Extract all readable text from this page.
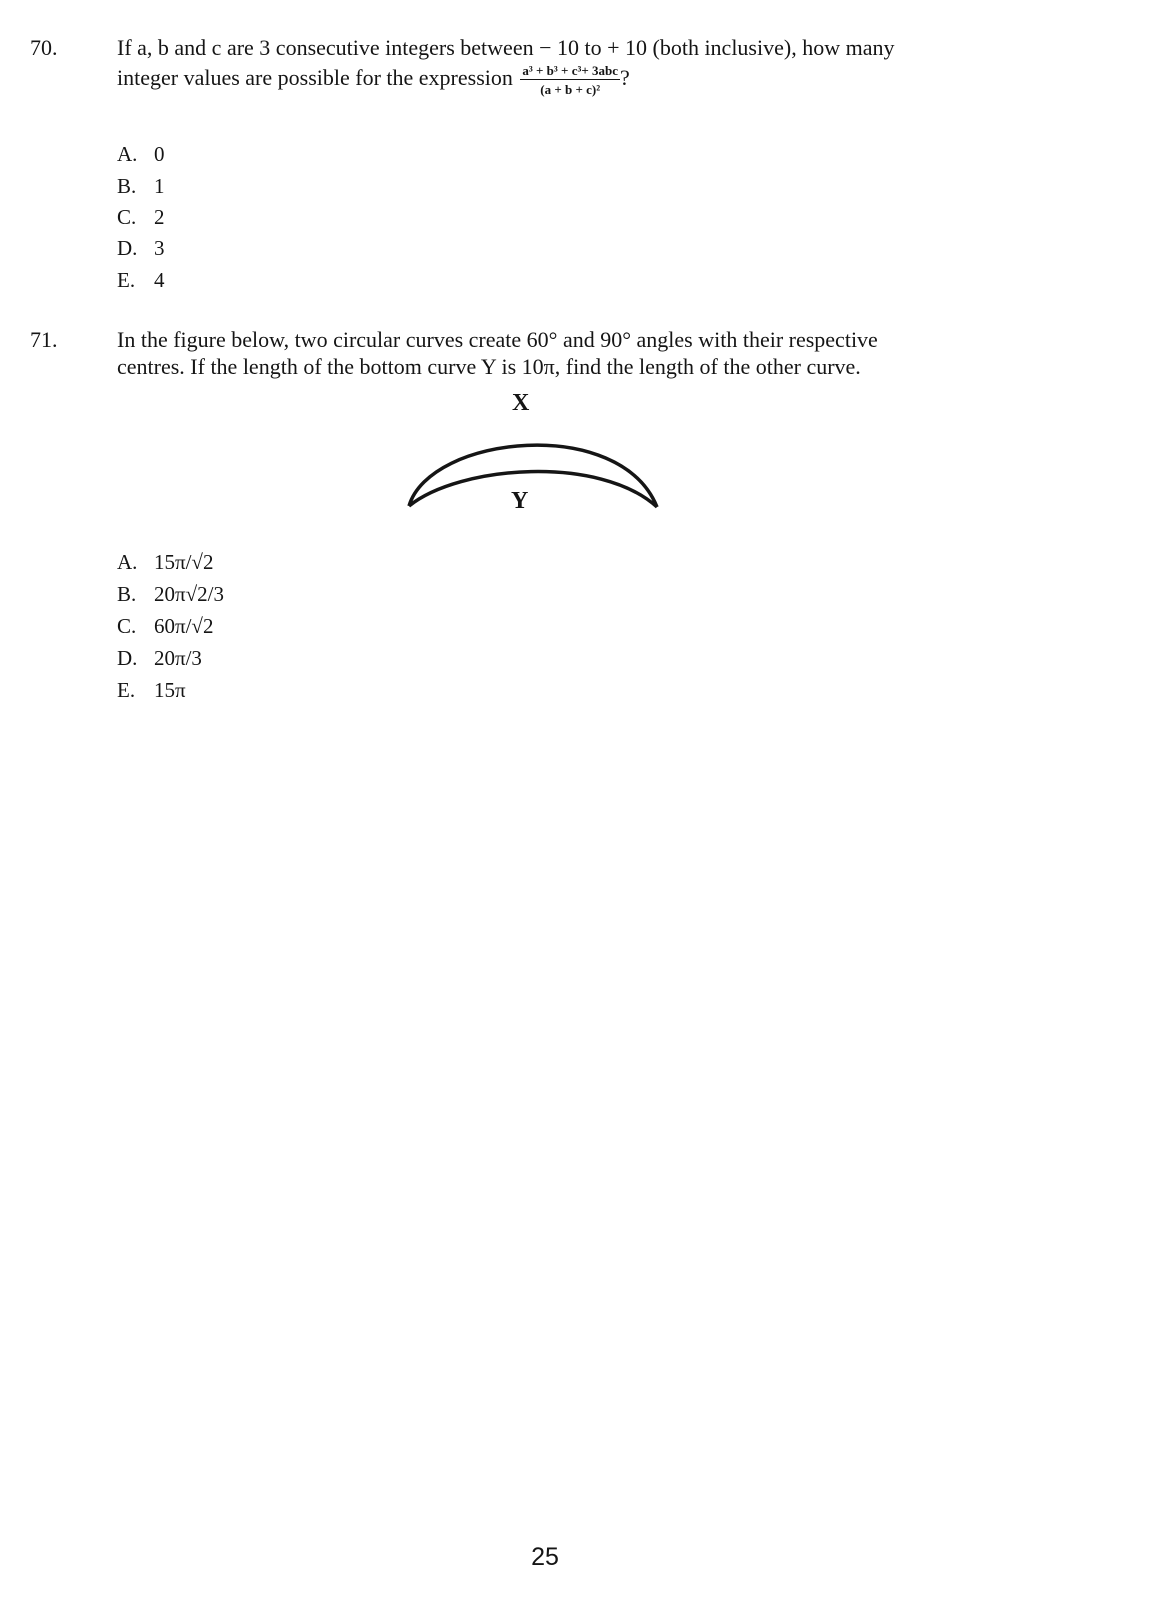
70.	If a, b and c are 3 consecutive integers between − 10 to + 10 (both inclusive), how many
integer values are possible for the expression $\frac{\text{a³ + b³ + c³+ 3abc}}{\text{(a + b + c)²}}$ ?
A. 0
B. 1
C. 2
D. 3
E. 4
71.	In the figure below, two circular curves create 60° and 90° angles with their respective
centres. If the length of the bottom curve Y is 10π, find the length of the other curve.
X
Y
A. 15π/√2
B. 20π√2/3
C. 60π/√2
D. 20π/3
E. 15π
25
